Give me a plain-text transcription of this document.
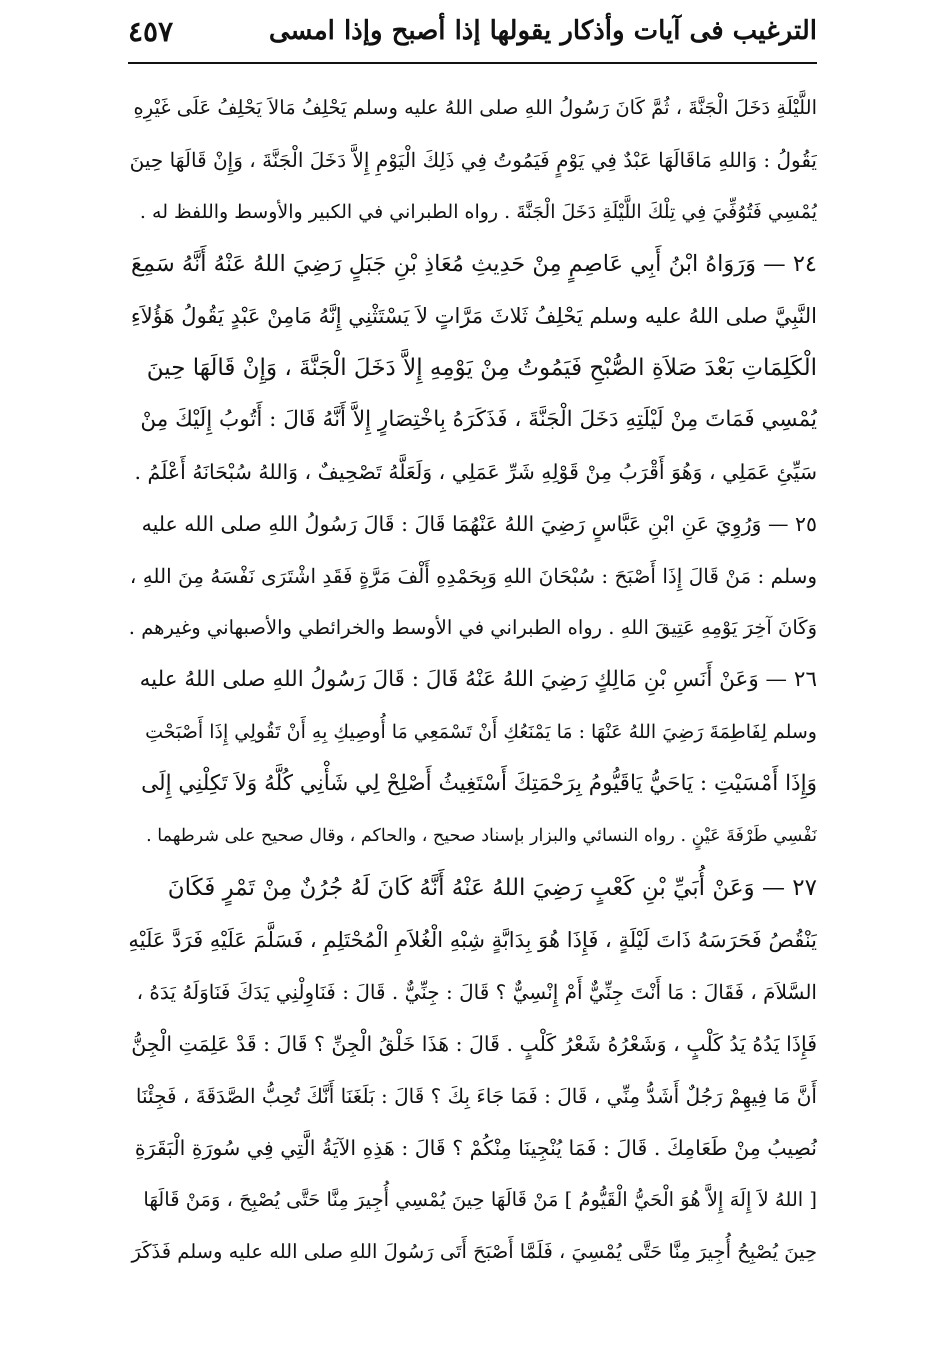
الترغيب فى آيات وأذكار يقولها إذا أصبح وإذا امسى
٤٥٧
اللَّيْلَةِ دَخَلَ الْجَنَّةَ ، ثُمَّ كَانَ رَسُولُ اللهِ صلى اللهُ عليه وسلم يَحْلِفُ مَالاَ يَحْلِفُ عَلَى غَيْرِهِ
يَقُولُ : وَاللهِ مَاقَالَهَا عَبْدٌ فِي يَوْمٍ فَيَمُوتُ فِي ذَلِكَ الْيَوْمِ إِلاَّ دَخَلَ الْجَنَّةَ ، وَإِنْ قَالَهَا حِينَ
يُمْسِي فَتُوُفِّيَ فِي تِلْكَ اللَّيْلَةِ دَخَلَ الْجَنَّةَ . رواه الطبراني في الكبير والأوسط واللفظ له .
٢٤ — وَرَوَاهُ ابْنُ أَبِي عَاصِمٍ مِنْ حَدِيثِ مُعَاذِ بْنِ جَبَلٍ رَضِيَ اللهُ عَنْهُ أَنَّهُ سَمِعَ
النَّبِيَّ صلى اللهُ عليه وسلم يَحْلِفُ ثَلاثَ مَرَّاتٍ لاَ يَسْتَثْنِي إِنَّهُ مَامِنْ عَبْدٍ يَقُولُ هَؤُلاَءِ
الْكَلِمَاتِ بَعْدَ صَلاَةِ الصُّبْحِ فَيَمُوتُ مِنْ يَوْمِهِ إِلاَّ دَخَلَ الْجَنَّةَ ، وَإِنْ قَالَهَا حِينَ
يُمْسِي فَمَاتَ مِنْ لَيْلَتِهِ دَخَلَ الْجَنَّةَ ، فَذَكَرَهُ بِاخْتِصَارٍ إِلاَّ أَنَّهُ قَالَ : أَتُوبُ إِلَيْكَ مِنْ
سَيِّئِ عَمَلِي ، وَهُوَ أَقْرَبُ مِنْ قَوْلِهِ شَرِّ عَمَلِي ، وَلَعَلَّهُ تَصْحِيفٌ ، وَاللهُ سُبْحَانَهُ أَعْلَمُ .
٢٥ — وَرُوِيَ عَنِ ابْنِ عَبَّاسٍ رَضِيَ اللهُ عَنْهُمَا قَالَ : قَالَ رَسُولُ اللهِ صلى الله عليه
وسلم : مَنْ قَالَ إِذَا أَصْبَحَ : سُبْحَانَ اللهِ وَبِحَمْدِهِ أَلْفَ مَرَّةٍ فَقَدِ اشْتَرَى نَفْسَهُ مِنَ اللهِ ،
وَكَانَ آخِرَ يَوْمِهِ عَتِيقَ اللهِ . رواه الطبراني في الأوسط والخرائطي والأصبهاني وغيرهم .
٢٦ — وَعَنْ أَنَسِ بْنِ مَالِكٍ رَضِيَ اللهُ عَنْهُ قَالَ : قَالَ رَسُولُ اللهِ صلى اللهُ عليه
وسلم لِفَاطِمَةَ رَضِيَ اللهُ عَنْهَا : مَا يَمْنَعُكِ أَنْ تَسْمَعِي مَا أُوصِيكِ بِهِ أَنْ تَقُولِي إِذَا أَصْبَحْتِ
وَإِذَا أَمْسَيْتِ : يَاحَيُّ يَاقَيُّومُ بِرَحْمَتِكَ أَسْتَغِيثُ أَصْلِحْ لِي شَأْنِي كُلَّهُ وَلاَ تَكِلْنِي إِلَى
نَفْسِي طَرْفَةَ عَيْنٍ . رواه النسائي والبزار بإسناد صحيح ، والحاكم ، وقال صحيح على شرطهما .
٢٧ — وَعَنْ أُبَيِّ بْنِ كَعْبٍ رَضِيَ اللهُ عَنْهُ أَنَّهُ كَانَ لَهُ جُرُنٌ مِنْ تَمْرٍ فَكَانَ
يَنْقُصُ فَحَرَسَهُ ذَاتَ لَيْلَةٍ ، فَإِذَا هُوَ بِدَابَّةٍ شِبْهِ الْغُلاَمِ الْمُحْتَلِمِ ، فَسَلَّمَ عَلَيْهِ فَرَدَّ عَلَيْهِ
السَّلاَمَ ، فَقَالَ : مَا أَنْتَ جِنِّيٌّ أَمْ إِنْسِيٌّ ؟ قَالَ : جِنِّيٌّ . قَالَ : فَنَاوِلْنِي يَدَكَ فَنَاوَلَهُ يَدَهُ ،
فَإِذَا يَدُهُ يَدُ كَلْبٍ ، وَشَعْرُهُ شَعْرُ كَلْبٍ . قَالَ : هَذَا خَلْقُ الْجِنِّ ؟ قَالَ : قَدْ عَلِمَتِ الْجِنُّ
أَنَّ مَا فِيهِمْ رَجُلٌ أَشَدُّ مِنِّي ، قَالَ : فَمَا جَاءَ بِكَ ؟ قَالَ : بَلَغَنَا أَنَّكَ تُحِبُّ الصَّدَقَةَ ، فَجِئْنَا
نُصِيبُ مِنْ طَعَامِكَ . قَالَ : فَمَا يُنْجِينَا مِنْكُمْ ؟ قَالَ : هَذِهِ الآيَةُ الَّتِي فِي سُورَةِ الْبَقَرَةِ
[ اللهُ لاَ إِلَهَ إِلاَّ هُوَ الْحَيُّ الْقَيُّومُ ] مَنْ قَالَهَا حِينَ يُمْسِي أُجِيرَ مِنَّا حَتَّى يُصْبِحَ ، وَمَنْ قَالَهَا
حِينَ يُصْبِحُ أُجِيرَ مِنَّا حَتَّى يُمْسِيَ ، فَلَمَّا أَصْبَحَ أَتَى رَسُولَ اللهِ صلى الله عليه وسلم فَذَكَرَ
